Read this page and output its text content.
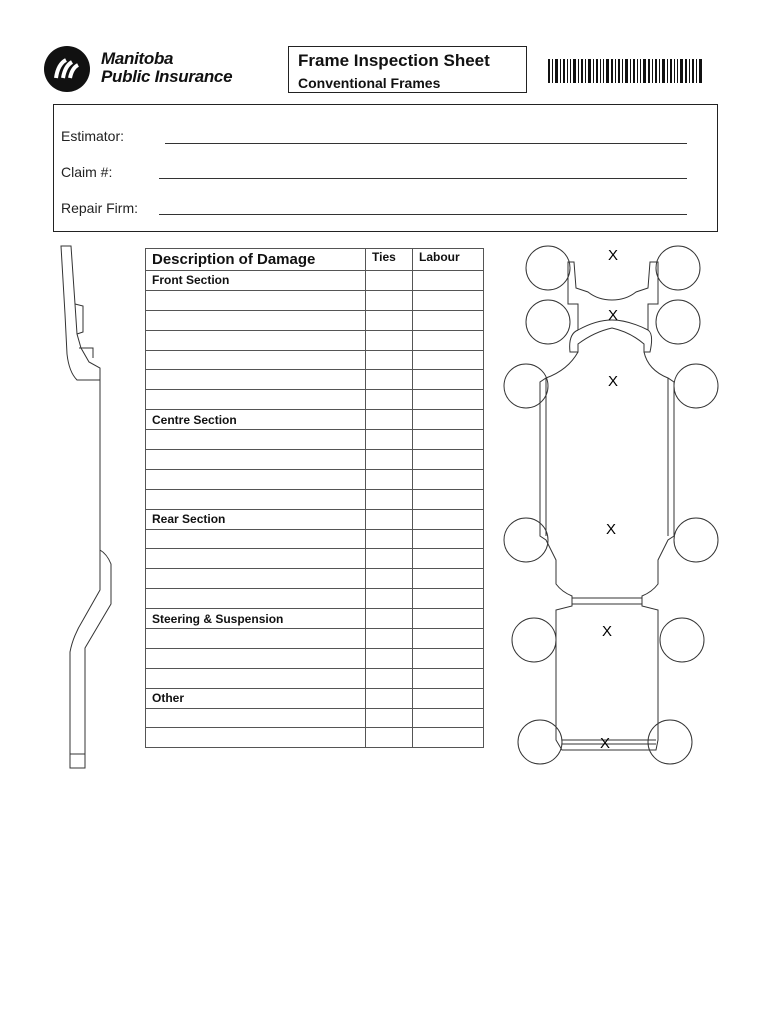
Manitoba
Public Insurance
Frame Inspection Sheet
Conventional Frames
Estimator:
Claim #:
Repair Firm:
Description of Damage	Ties	Labour
Front Section		

Centre Section		

Rear Section		

Steering & Suspension		

Other		

X
X
X
X
X
X
